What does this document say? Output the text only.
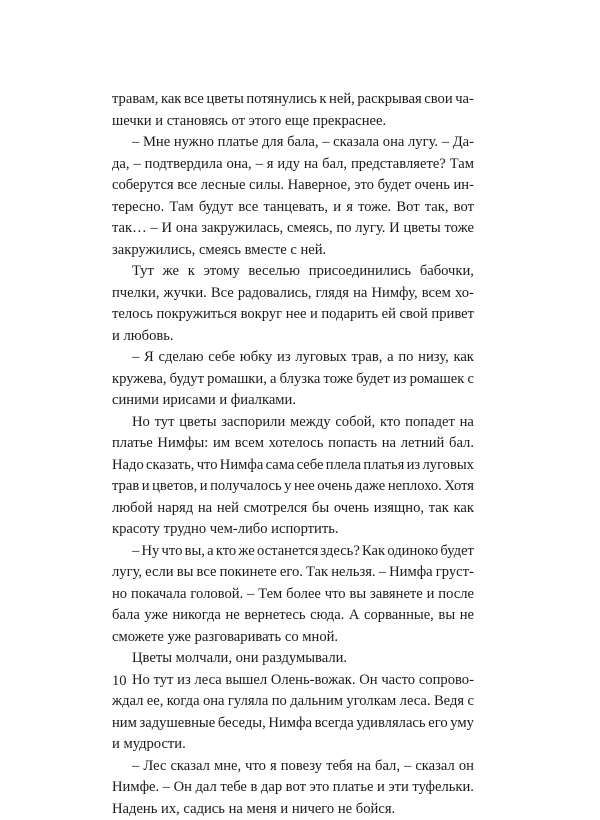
травам, как все цветы потянулись к ней, раскрывая свои ча-
шечки и становясь от этого еще прекраснее.
– Мне нужно платье для бала, – сказала она лугу. – Да-
да, – подтвердила она, – я иду на бал, представляете? Там
соберутся все лесные силы. Наверное, это будет очень ин-
тересно. Там будут все танцевать, и я тоже. Вот так, вот
так… – И она закружилась, смеясь, по лугу. И цветы тоже
закружились, смеясь вместе с ней.
Тут же к этому веселью присоединились бабочки,
пчелки, жучки. Все радовались, глядя на Нимфу, всем хо-
телось покружиться вокруг нее и подарить ей свой привет
и любовь.
– Я сделаю себе юбку из луговых трав, а по низу, как
кружева, будут ромашки, а блузка тоже будет из ромашек с
синими ирисами и фиалками.
Но тут цветы заспорили между собой, кто попадет на
платье Нимфы: им всем хотелось попасть на летний бал.
Надо сказать, что Нимфа сама себе плела платья из луговых
трав и цветов, и получалось у нее очень даже неплохо. Хотя
любой наряд на ней смотрелся бы очень изящно, так как
красоту трудно чем-либо испортить.
– Ну что вы, а кто же останется здесь? Как одиноко будет
лугу, если вы все покинете его. Так нельзя. – Нимфа груст-
но покачала головой. – Тем более что вы завянете и после
бала уже никогда не вернетесь сюда. А сорванные, вы не
сможете уже разговаривать со мной.
Цветы молчали, они раздумывали.
Но тут из леса вышел Олень-вожак. Он часто сопрово-
ждал ее, когда она гуляла по дальним уголкам леса. Ведя с
ним задушевные беседы, Нимфа всегда удивлялась его уму
и мудрости.
– Лес сказал мне, что я повезу тебя на бал, – сказал он
Нимфе. – Он дал тебе в дар вот это платье и эти туфельки.
Надень их, садись на меня и ничего не бойся.
10
